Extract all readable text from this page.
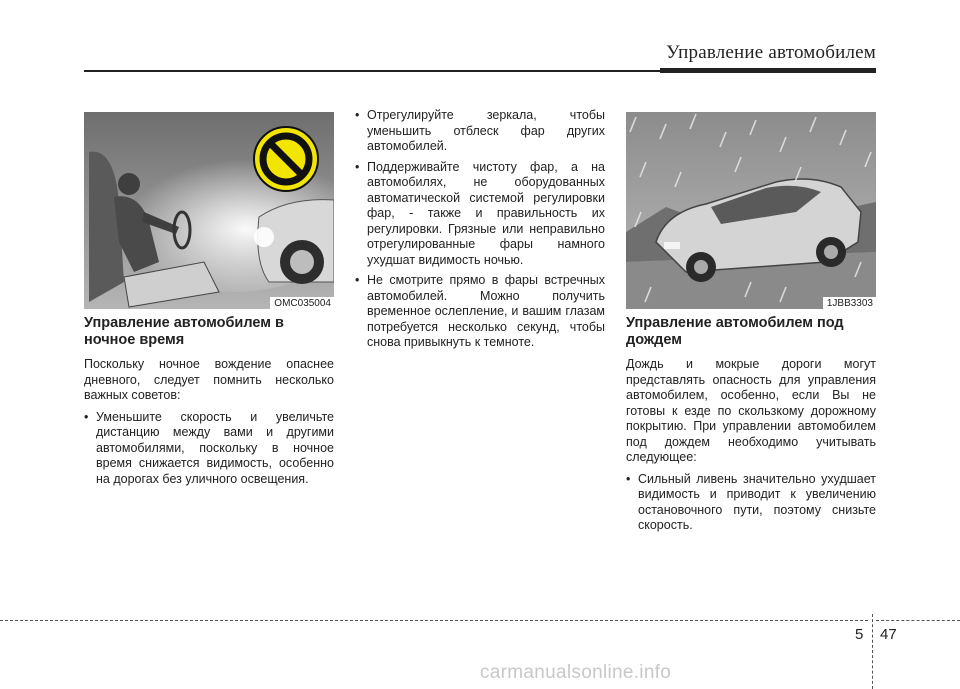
Управление автомобилем
OMC035004
Управление автомобилем в ночное время

Поскольку ночное вождение опаснее дневного, следует помнить несколько важных советов:

• Уменьшите скорость и увеличьте дистанцию между вами и другими автомобилями, поскольку в ночное время снижается видимость, особенно на дорогах без уличного освещения.
• Отрегулируйте зеркала, чтобы уменьшить отблеск фар других автомобилей.
• Поддерживайте чистоту фар, а на автомобилях, не оборудованных автоматической системой регулировки фар, - также и правильность их регулировки. Грязные или неправильно отрегулированные фары намного ухудшат видимость ночью.
• Не смотрите прямо в фары встречных автомобилей. Можно получить временное ослепление, и вашим глазам потребуется несколько секунд, чтобы снова привыкнуть к темноте.
1JBB3303
Управление автомобилем под дождем

Дождь и мокрые дороги могут представлять опасность для управления автомобилем, особенно, если Вы не готовы к езде по скользкому дорожному покрытию. При управлении автомобилем под дождем необходимо учитывать следующее:

• Сильный ливень значительно ухудшает видимость и приводит к увеличению остановочного пути, поэтому снизьте скорость.
5 47
carmanualsonline.info
